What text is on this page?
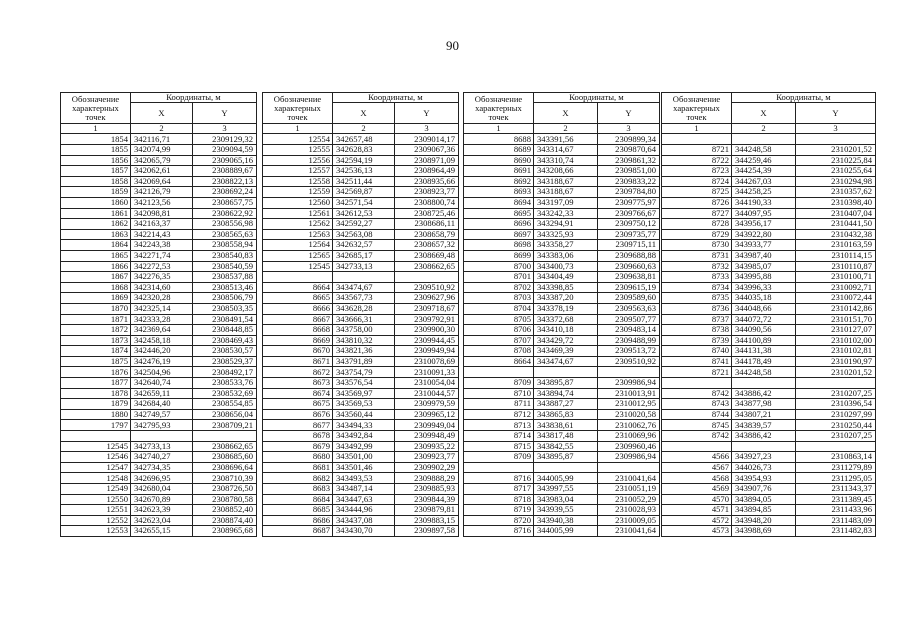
90
Обозначение характерных точек	Координаты, м	
	X	Y
1	2	3
1854	342116,71	2309129,32
1855	342074,99	2309094,59
1856	342065,79	2309065,16
1857	342062,61	2308889,67
1858	342069,64	2308822,13
1859	342126,79	2308692,24
1860	342123,56	2308657,75
1861	342098,81	2308622,92
1862	342163,37	2308556,98
1863	342214,43	2308565,63
1864	342243,38	2308558,94
1865	342271,74	2308540,83
1866	342272,53	2308540,59
1867	342276,35	2308537,88
1868	342314,60	2308513,46
1869	342320,28	2308506,79
1870	342325,14	2308503,35
1871	342333,28	2308491,54
1872	342369,64	2308448,85
1873	342458,18	2308469,43
1874	342446,20	2308530,57
1875	342476,19	2308529,37
1876	342504,96	2308492,17
1877	342640,74	2308533,76
1878	342659,11	2308532,69
1879	342684,40	2308554,85
1880	342749,57	2308656,04
1797	342795,93	2308709,21

12545	342733,13	2308662,65
12546	342740,27	2308685,60
12547	342734,35	2308696,64
12548	342696,95	2308710,39
12549	342680,04	2308726,50
12550	342670,89	2308780,58
12551	342623,39	2308852,40
12552	342623,04	2308874,40
12553	342655,15	2308965,68
Обозначение характерных точек	Координаты, м	
	X	Y
1	2	3
12554	342657,48	2309014,17
12555	342628,83	2309067,36
12556	342594,19	2308971,09
12557	342536,13	2308964,49
12558	342511,44	2308935,66
12559	342569,87	2308923,77
12560	342571,54	2308800,74
12561	342612,53	2308725,46
12562	342592,27	2308686,11
12563	342563,08	2308658,79
12564	342632,57	2308657,32
12565	342685,17	2308669,48
12545	342733,13	2308662,65

8664	343474,67	2309510,92
8665	343567,73	2309627,96
8666	343628,28	2309718,67
8667	343666,31	2309792,91
8668	343758,00	2309900,30
8669	343810,32	2309944,45
8670	343821,36	2309949,94
8671	343791,89	2310078,69
8672	343754,79	2310091,33
8673	343576,54	2310054,04
8674	343569,97	2310044,57
8675	343569,53	2309979,59
8676	343560,44	2309965,12
8677	343494,33	2309949,04
8678	343492,84	2309948,49
8679	343492,99	2309935,22
8680	343501,00	2309923,77
8681	343501,46	2309902,29
8682	343493,53	2309888,29
8683	343487,14	2309885,93
8684	343447,63	2309844,39
8685	343444,96	2309879,81
8686	343437,08	2309883,15
8687	343430,70	2309897,58
Обозначение характерных точек	Координаты, м	
	X	Y
1	2	3
8688	343391,56	2309899,34
8689	343314,67	2309870,64
8690	343310,74	2309861,32
8691	343208,66	2309851,00
8692	343188,67	2309833,22
8693	343188,67	2309784,80
8694	343197,09	2309775,97
8695	343242,33	2309766,67
8696	343294,91	2309750,12
8697	343325,93	2309735,77
8698	343358,27	2309715,11
8699	343383,06	2309688,88
8700	343400,73	2309660,63
8701	343404,49	2309638,81
8702	343398,85	2309615,19
8703	343387,20	2309589,60
8704	343378,19	2309563,63
8705	343372,68	2309507,77
8706	343410,18	2309483,14
8707	343429,72	2309488,99
8708	343469,39	2309513,72
8664	343474,67	2309510,92

8709	343895,87	2309986,94
8710	343894,74	2310013,91
8711	343887,27	2310012,95
8712	343865,83	2310020,58
8713	343838,61	2310062,76
8714	343817,48	2310069,96
8715	343842,55	2309960,46
8709	343895,87	2309986,94

8716	344005,99	2310041,64
8717	343997,55	2310051,19
8718	343983,04	2310052,29
8719	343939,55	2310028,93
8720	343940,38	2310009,05
8716	344005,99	2310041,64
Обозначение характерных точек	Координаты, м	
	X	Y
1	2	3

8721	344248,58	2310201,52
8722	344259,46	2310225,84
8723	344254,39	2310255,64
8724	344267,03	2310294,98
8725	344258,25	2310357,62
8726	344190,33	2310398,40
8727	344097,95	2310407,04
8728	343956,17	2310441,50
8729	343922,80	2310432,38
8730	343933,77	2310163,59
8731	343987,40	2310114,15
8732	343985,07	2310110,87
8733	343995,88	2310100,71
8734	343996,33	2310092,71
8735	344035,18	2310072,44
8736	344048,66	2310142,86
8737	344072,72	2310151,70
8738	344090,56	2310127,07
8739	344100,89	2310102,00
8740	344131,38	2310102,81
8741	344178,49	2310190,97
8721	344248,58	2310201,52

8742	343886,42	2310207,25
8743	343877,98	2310396,54
8744	343807,21	2310297,99
8745	343839,57	2310250,44
8742	343886,42	2310207,25

4566	343927,23	2310863,14
4567	344026,73	2311279,89
4568	343954,93	2311295,05
4569	343907,76	2311343,37
4570	343894,05	2311389,45
4571	343894,85	2311433,96
4572	343948,20	2311483,09
4573	343988,69	2311482,83
